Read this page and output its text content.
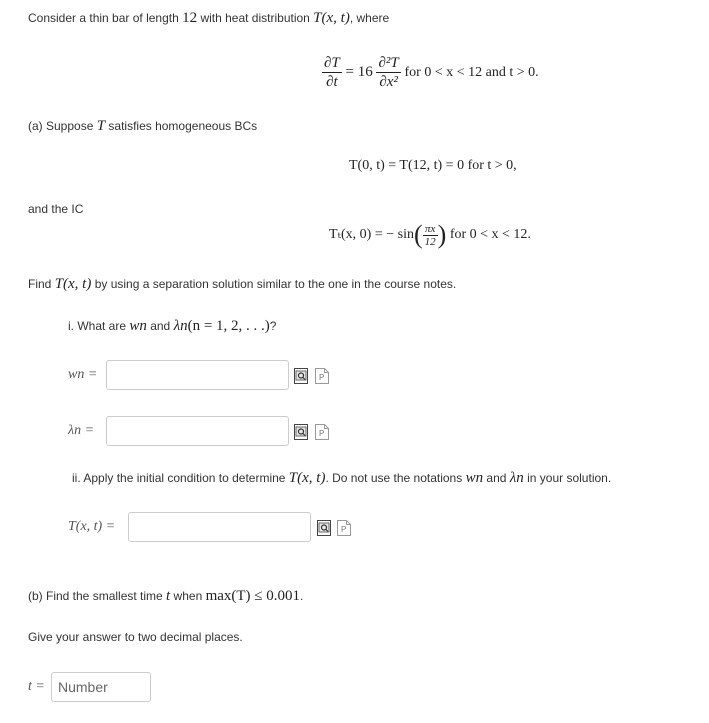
Consider a thin bar of length 12 with heat distribution T(x, t), where
$\frac{\partial T}{\partial t} = 16 \frac{\text{∂²T}}{\text{∂x²}}$ for 0 < x < 12 and t > 0.
(a) Suppose T satisfies homogeneous BCs
T(0, t) = T(12, t) = 0 for t > 0,
and the IC
Tₜ(x, 0) = − $\sin( \frac{\pi x}{12}$ ) for 0 < x < 12.
Find T(x, t) by using a separation solution similar to the one in the course notes.
i. What are wn and λn(n = 1, 2, . . .)?
wn =	P
λn =	P
ii. Apply the initial condition to determine T(x, t). Do not use the notations wn and λn in your solution.
T(x, t) =	P
(b) Find the smallest time t when max(T) ≤ 0.001.
Give your answer to two decimal places.
t =
Number
